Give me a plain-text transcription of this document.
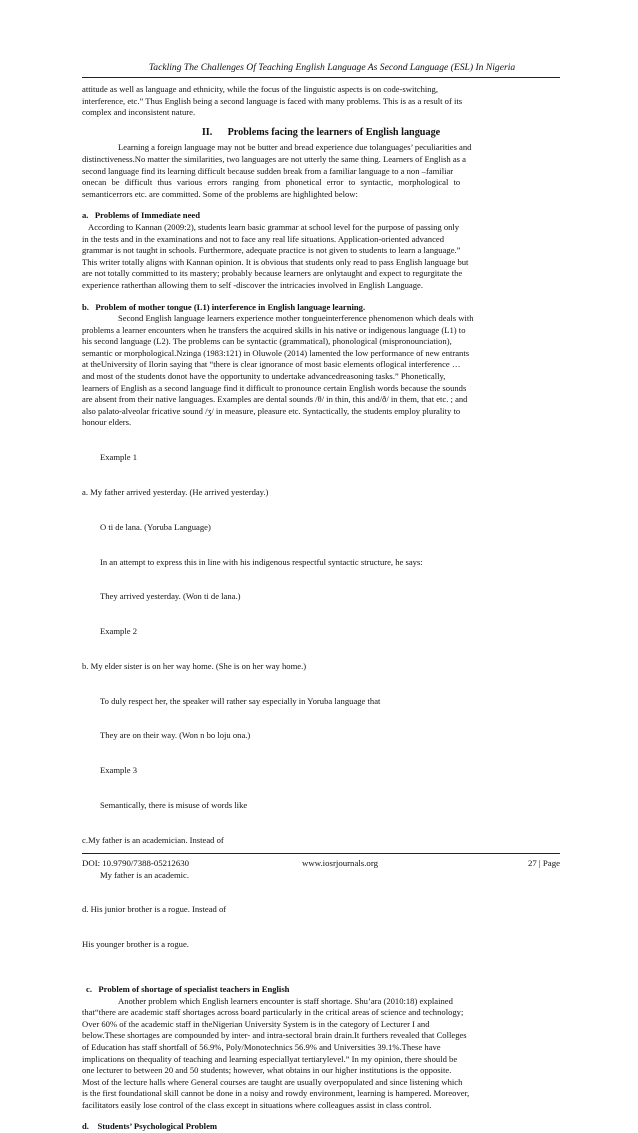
Tackling The Challenges Of Teaching English Language As Second Language (ESL) In Nigeria

attitude as well as language and ethnicity, while the focus of the linguistic aspects is on code-switching,
interference, etc.” Thus English being a second language is faced with many problems. This is as a result of its
complex and inconsistent nature.

II.      Problems facing the learners of English language

Learning a foreign language may not be butter and bread experience due tolanguages’ peculiarities and
distinctiveness.No matter the similarities, two languages are not utterly the same thing. Learners of English as a
second language find its learning difficult because sudden break from a familiar language to a non –familiar
onecan be difficult thus various errors ranging from phonetical error to syntactic, morphological to
semanticerrors etc. are committed. Some of the problems are highlighted below:

a.   Problems of Immediate need

According to Kannan (2009:2), students learn basic grammar at school level for the purpose of passing only
in the tests and in the examinations and not to face any real life situations. Application-oriented advanced
grammar is not taught in schools. Furthermore, adequate practice is not given to students to learn a language.”
This writer totally aligns with Kannan opinion. It is obvious that students only read to pass English language but
are not totally committed to its mastery; probably because learners are onlytaught and expect to regurgitate the
experience ratherthan allowing them to self -discover the intricacies involved in English Language.

b.   Problem of mother tongue (L1) interference in English language learning.

Second English language learners experience mother tongueinterference phenomenon which deals with
problems a learner encounters when he transfers the acquired skills in his native or indigenous language (L1) to
his second language (L2). The problems can be syntactic (grammatical), phonological (mispronounciation),
semantic or morphological.Nzinga (1983:121) in Oluwole (2014) lamented the low performance of new entrants
at theUniversity of Ilorin saying that “there is clear ignorance of most basic elements oflogical interference …
and most of the students donot have the opportunity to undertake advancedreasoning tasks.” Phonetically,
learners of English as a second language find it difficult to pronounce certain English words because the sounds
are absent from their native languages. Examples are dental sounds /θ/ in thin, this and/ð/ in them, that etc. ; and
also palato-alveolar fricative sound /ʒ/ in measure, pleasure etc. Syntactically, the students employ plurality to
honour elders.

Example 1

a. My father arrived yesterday. (He arrived yesterday.)

O ti de lana. (Yoruba Language)

In an attempt to express this in line with his indigenous respectful syntactic structure, he says:

They arrived yesterday. (Won ti de lana.)

Example 2

b. My elder sister is on her way home. (She is on her way home.)

To duly respect her, the speaker will rather say especially in Yoruba language that

They are on their way. (Won n bo loju ona.)

Example 3

Semantically, there is misuse of words like

c.My father is an academician. Instead of

My father is an academic.

d. His junior brother is a rogue. Instead of

His younger brother is a rogue.

c.   Problem of shortage of specialist teachers in English

Another problem which English learners encounter is staff shortage. Shu’ara (2010:18) explained
that“there are academic staff shortages across board particularly in the critical areas of science and technology;
Over 60% of the academic staff in theNigerian University System is in the category of Lecturer I and
below.These shortages are compounded by inter- and intra-sectoral brain drain.It furthers revealed that Colleges
of Education has staff shortfall of 56.9%, Poly/Monotechnics 56.9% and Universities 39.1%.These have
implications on thequality of teaching and learning especiallyat tertiarylevel.” In my opinion, there should be
one lecturer to between 20 and 50 students; however, what obtains in our higher institutions is the opposite.
Most of the lecture halls where General courses are taught are usually overpopulated and since listening which
is the first foundational skill cannot be done in a noisy and rowdy environment, learning is hampered. Moreover,
facilitators easily lose control of the class except in situations where colleagues assist in class control.

d.    Students’ Psychological Problem
DOI: 10.9790/7388-05212630	www.iosrjournals.org	27 | Page
